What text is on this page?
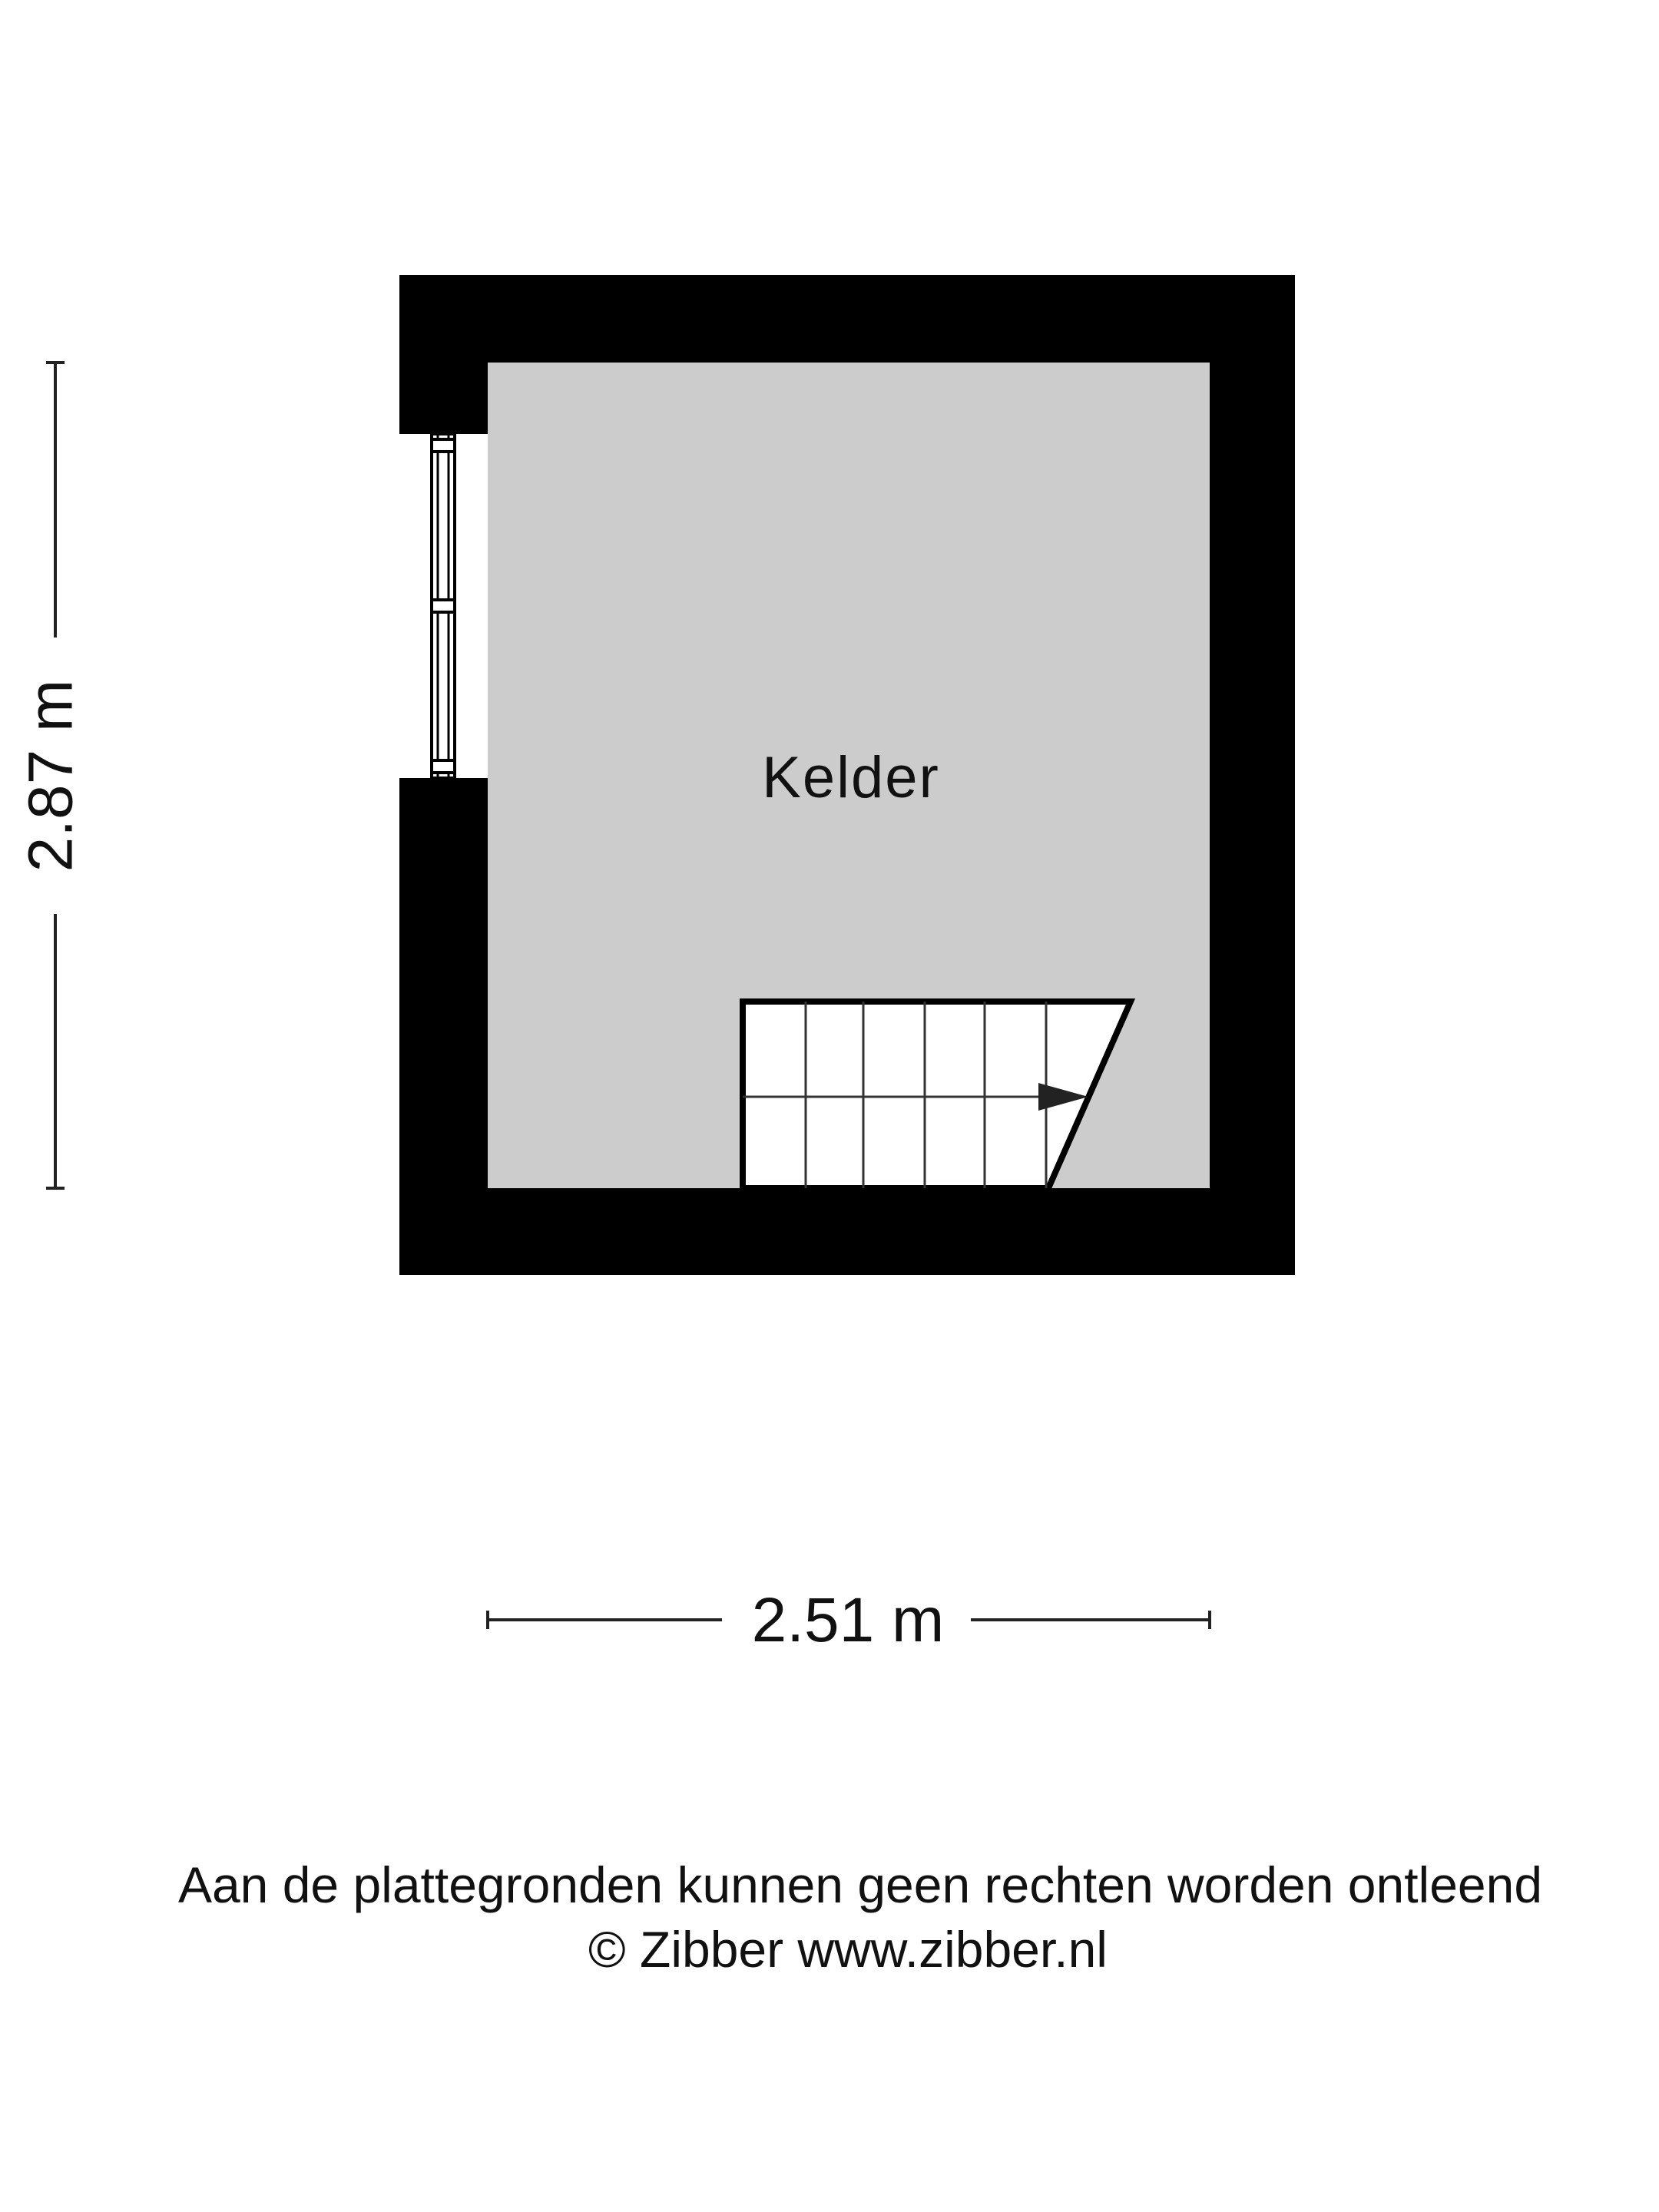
Kelder
2.87 m
2.51 m
Aan de plattegronden kunnen geen rechten worden ontleend
© Zibber www.zibber.nl
